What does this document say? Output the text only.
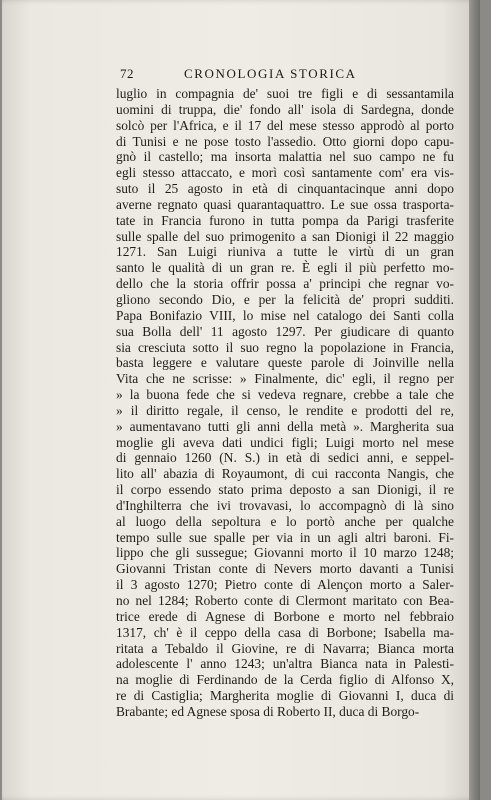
72	CRONOLOGIA STORICA
luglio in compagnia de' suoi tre figli e di sessantamila
uomini di truppa, die' fondo all' isola di Sardegna, donde
solcò per l'Africa, e il 17 del mese stesso approdò al porto
di Tunisi e ne pose tosto l'assedio. Otto giorni dopo capu-
gnò il castello; ma insorta malattia nel suo campo ne fu
egli stesso attaccato, e morì così santamente com' era vis-
suto il 25 agosto in età di cinquantacinque anni dopo
averne regnato quasi quarantaquattro. Le sue ossa trasporta-
tate in Francia furono in tutta pompa da Parigi trasferite
sulle spalle del suo primogenito a san Dionigi il 22 maggio
1271. San Luigi riuniva a tutte le virtù di un gran
santo le qualità di un gran re. È egli il più perfetto mo-
dello che la storia offrir possa a' principi che regnar vo-
gliono secondo Dio, e per la felicità de' propri sudditi.
Papa Bonifazio VIII, lo mise nel catalogo dei Santi colla
sua Bolla dell' 11 agosto 1297. Per giudicare di quanto
sia cresciuta sotto il suo regno la popolazione in Francia,
basta leggere e valutare queste parole di Joinville nella
Vita che ne scrisse: » Finalmente, dic' egli, il regno per
» la buona fede che si vedeva regnare, crebbe a tale che
» il diritto regale, il censo, le rendite e prodotti del re,
» aumentavano tutti gli anni della metà ». Margherita sua
moglie gli aveva dati undici figli; Luigi morto nel mese
di gennaio 1260 (N. S.) in età di sedici anni, e seppel-
lito all' abazia di Royaumont, di cui racconta Nangis, che
il corpo essendo stato prima deposto a san Dionigi, il re
d'Inghilterra che ivi trovavasi, lo accompagnò di là sino
al luogo della sepoltura e lo portò anche per qualche
tempo sulle sue spalle per via in un agli altri baroni. Fi-
lippo che gli sussegue; Giovanni morto il 10 marzo 1248;
Giovanni Tristan conte di Nevers morto davanti a Tunisi
il 3 agosto 1270; Pietro conte di Alençon morto a Saler-
no nel 1284; Roberto conte di Clermont maritato con Bea-
trice erede di Agnese di Borbone e morto nel febbraio
1317, ch' è il ceppo della casa di Borbone; Isabella ma-
ritata a Tebaldo il Giovine, re di Navarra; Bianca morta
adolescente l' anno 1243; un'altra Bianca nata in Palesti-
na moglie di Ferdinando de la Cerda figlio di Alfonso X,
re di Castiglia; Margherita moglie di Giovanni I, duca di
Brabante; ed Agnese sposa di Roberto II, duca di Borgo-
